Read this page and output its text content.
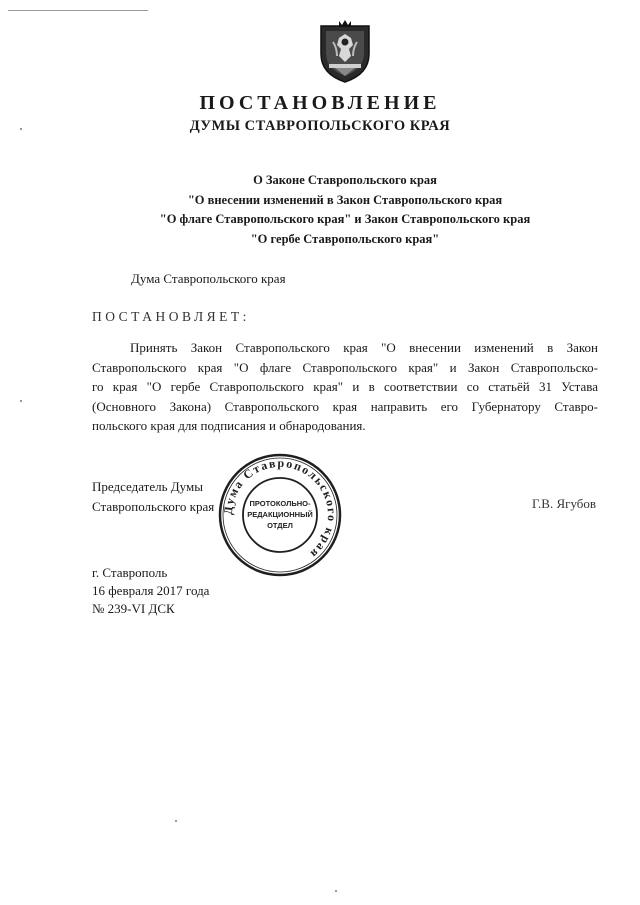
ПОСТАНОВЛЕНИЕ
ДУМЫ СТАВРОПОЛЬСКОГО КРАЯ
О Законе Ставропольского края
"О внесении изменений в Закон Ставропольского края
"О флаге Ставропольского края" и Закон Ставропольского края
"О гербе Ставропольского края"
Дума Ставропольского края
ПОСТАНОВЛЯЕТ:
Принять Закон Ставропольского края "О внесении изменений в Закон
Ставропольского края "О флаге Ставропольского края" и Закон Ставропольско-
го края "О гербе Ставропольского края" и в соответствии со статьёй 31 Устава
(Основного Закона) Ставропольского края направить его Губернатору Ставро-
польского края для подписания и обнародования.
Председатель Думы
Ставропольского края	Г.В. Ягубов
Дума Ставропольского края
ПРОТОКОЛЬНО-
РЕДАКЦИОННЫЙ
ОТДЕЛ
г. Ставрополь
16 февраля 2017 года
№ 239-VI ДСК
